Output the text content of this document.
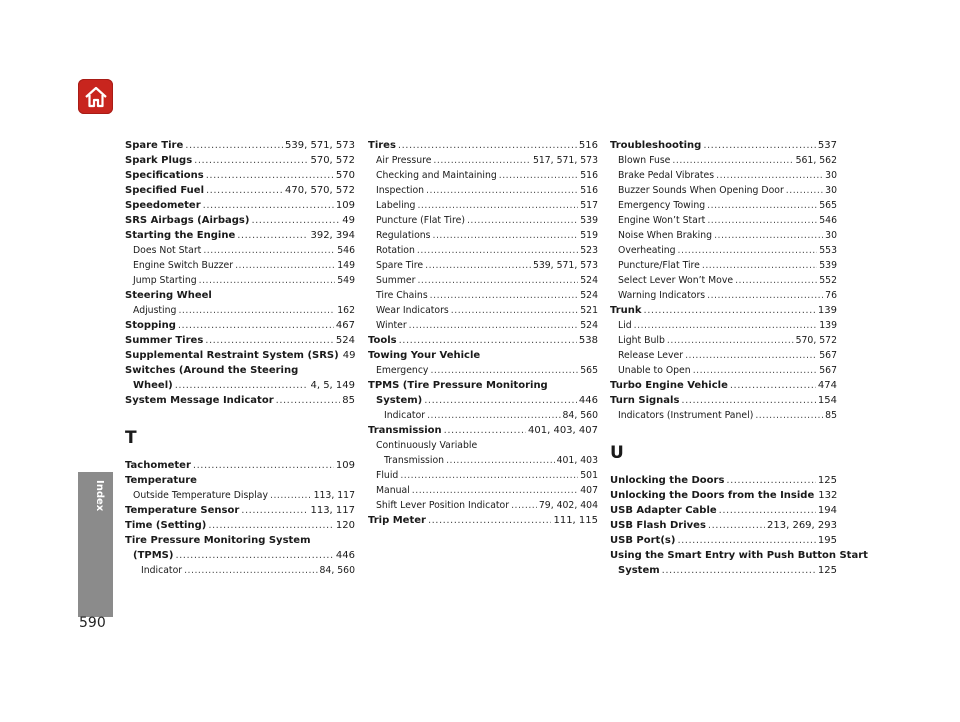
Index
590
Spare Tire .....	539, 571, 573
Spark Plugs .....	570, 572
Specifications .....	570
Specified Fuel .....	470, 570, 572
Speedometer .....	109
SRS Airbags (Airbags) .....	49
Starting the Engine .....	392, 394
Does Not Start .....	546
Engine Switch Buzzer .....	149
Jump Starting .....	549
Steering Wheel
Adjusting .....	162
Stopping .....	467
Summer Tires .....	524
Supplemental Restraint System (SRS) 49
Switches (Around the Steering
Wheel) .....	4, 5, 149
System Message Indicator .....	85
T
Tachometer .....	109
Temperature
Outside Temperature Display .....	113, 117
Temperature Sensor .....	113, 117
Time (Setting) .....	120
Tire Pressure Monitoring System
(TPMS) .....	446
Indicator .....	84, 560
Tires .....	516
Air Pressure .....	517, 571, 573
Checking and Maintaining .....	516
Inspection .....	516
Labeling .....	517
Puncture (Flat Tire) .....	539
Regulations .....	519
Rotation .....	523
Spare Tire .....	539, 571, 573
Summer .....	524
Tire Chains .....	524
Wear Indicators .....	521
Winter .....	524
Tools .....	538
Towing Your Vehicle
Emergency .....	565
TPMS (Tire Pressure Monitoring
System) .....	446
Indicator .....	84, 560
Transmission .....	401, 403, 407
Continuously Variable
Transmission .....	401, 403
Fluid .....	501
Manual .....	407
Shift Lever Position Indicator .....	79, 402, 404
Trip Meter .....	111, 115
Troubleshooting .....	537
Blown Fuse .....	561, 562
Brake Pedal Vibrates .....	30
Buzzer Sounds When Opening Door .....	30
Emergency Towing .....	565
Engine Won’t Start .....	546
Noise When Braking .....	30
Overheating .....	553
Puncture/Flat Tire .....	539
Select Lever Won’t Move .....	552
Warning Indicators .....	76
Trunk .....	139
Lid .....	139
Light Bulb .....	570, 572
Release Lever .....	567
Unable to Open .....	567
Turbo Engine Vehicle .....	474
Turn Signals .....	154
Indicators (Instrument Panel) .....	85
U
Unlocking the Doors .....	125
Unlocking the Doors from the Inside 132
USB Adapter Cable .....	194
USB Flash Drives .....	213, 269, 293
USB Port(s) .....	195
Using the Smart Entry with Push Button Start
System .....	125
